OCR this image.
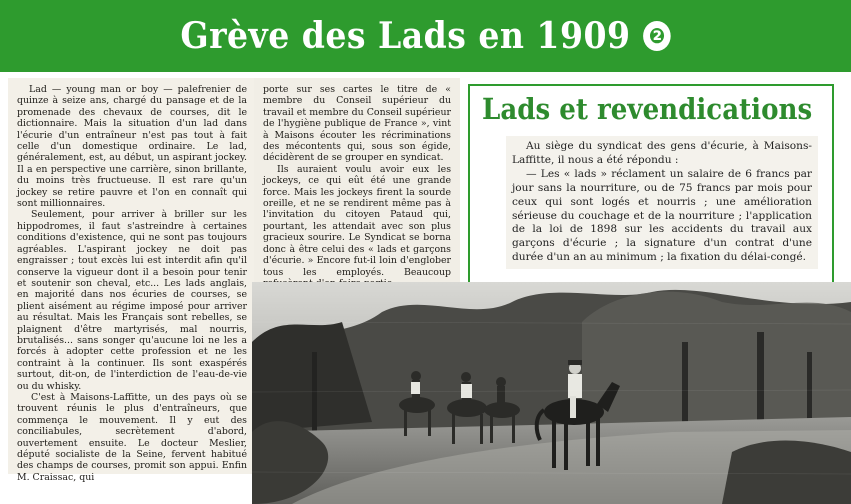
Grève des Lads en 1909 ❷

Lad — young man or boy — palefrenier de quinze à seize ans, chargé du pansage et de la promenade des chevaux de courses, dit le dictionnaire. Mais la situation d'un lad dans l'écurie d'un entraîneur n'est pas tout à fait celle d'un domestique ordinaire. Le lad, généralement, est, au début, un aspirant jockey. Il a en perspective une carrière, sinon brillante, du moins très fructueuse. Il est rare qu'un jockey se retire pauvre et l'on en connaît qui sont millionnaires.

Seulement, pour arriver à briller sur les hippodromes, il faut s'astreindre à certaines conditions d'existence, qui ne sont pas toujours agréables. L'aspirant jockey ne doit pas engraisser ; tout excès lui est interdit afin qu'il conserve la vigueur dont il a besoin pour tenir et soutenir son cheval, etc... Les lads anglais, en majorité dans nos écuries de courses, se plient aisément au régime imposé pour arriver au résultat. Mais les Français sont rebelles, se plaignent d'être martyrisés, mal nourris, brutalisés... sans songer qu'aucune loi ne les a forcés à adopter cette profession et ne les contraint à la continuer. Ils sont exaspérés surtout, dit-on, de l'interdiction de l'eau-de-vie ou du whisky.

C'est à Maisons-Laffitte, un des pays où se trouvent réunis le plus d'entraîneurs, que commença le mouvement. Il y eut des conciliabules, secrètement d'abord, ouvertement ensuite. Le docteur Meslier, député socialiste de la Seine, fervent habitué des champs de courses, promit son appui. Enfin M. Craissac, qui

porte sur ses cartes le titre de « membre du Conseil supérieur du travail et membre du Conseil supérieur de l'hygiène publique de France », vint à Maisons écouter les récriminations des mécontents qui, sous son égide, décidèrent de se grouper en syndicat.

Ils auraient voulu avoir eux les jockeys, ce qui eût été une grande force. Mais les jockeys firent la sourde oreille, et ne se rendirent même pas à l'invitation du citoyen Pataud qui, pourtant, les attendait avec son plus gracieux sourire. Le Syndicat se borna donc à être celui des « lads et garçons d'écurie. » Encore fut-il loin d'englober tous les employés. Beaucoup

Lads et revendications

Au siège du syndicat des gens d'écurie, à Maisons-Laffitte, il nous a été répondu :

— Les « lads » réclament un salaire de 6 francs par jour sans la nourriture, ou de 75 francs par mois pour ceux qui sont logés et nourris ; une amélioration sérieuse du couchage et de la nourriture ; l'application de la loi de 1898 sur les accidents du travail aux garçons d'écurie ; la signature d'un contrat d'une durée d'un an au minimum ; la fixation du délai-congé.
